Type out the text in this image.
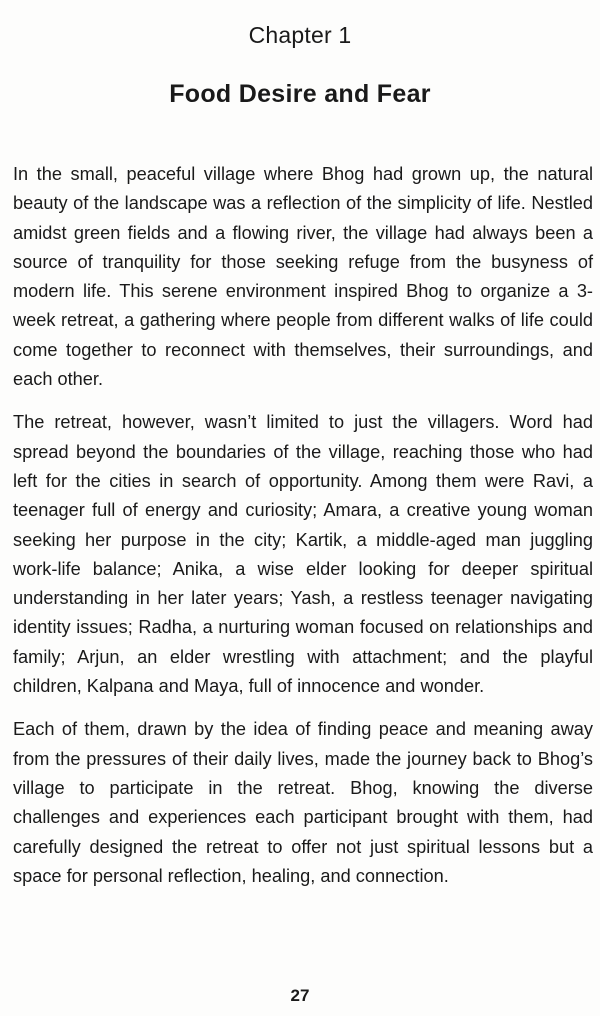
Chapter 1
Food Desire and Fear

In the small, peaceful village where Bhog had grown up, the natural beauty of the landscape was a reflection of the simplicity of life. Nestled amidst green fields and a flowing river, the village had always been a source of tranquility for those seeking refuge from the busyness of modern life. This serene environment inspired Bhog to organize a 3-week retreat, a gathering where people from different walks of life could come together to reconnect with themselves, their surroundings, and each other.

The retreat, however, wasn’t limited to just the villagers. Word had spread beyond the boundaries of the village, reaching those who had left for the cities in search of opportunity. Among them were Ravi, a teenager full of energy and curiosity; Amara, a creative young woman seeking her purpose in the city; Kartik, a middle-aged man juggling work-life balance; Anika, a wise elder looking for deeper spiritual understanding in her later years; Yash, a restless teenager navigating identity issues; Radha, a nurturing woman focused on relationships and family; Arjun, an elder wrestling with attachment; and the playful children, Kalpana and Maya, full of innocence and wonder.

Each of them, drawn by the idea of finding peace and meaning away from the pressures of their daily lives, made the journey back to Bhog’s village to participate in the retreat. Bhog, knowing the diverse challenges and experiences each participant brought with them, had carefully designed the retreat to offer not just spiritual lessons but a space for personal reflection, healing, and connection.

27
